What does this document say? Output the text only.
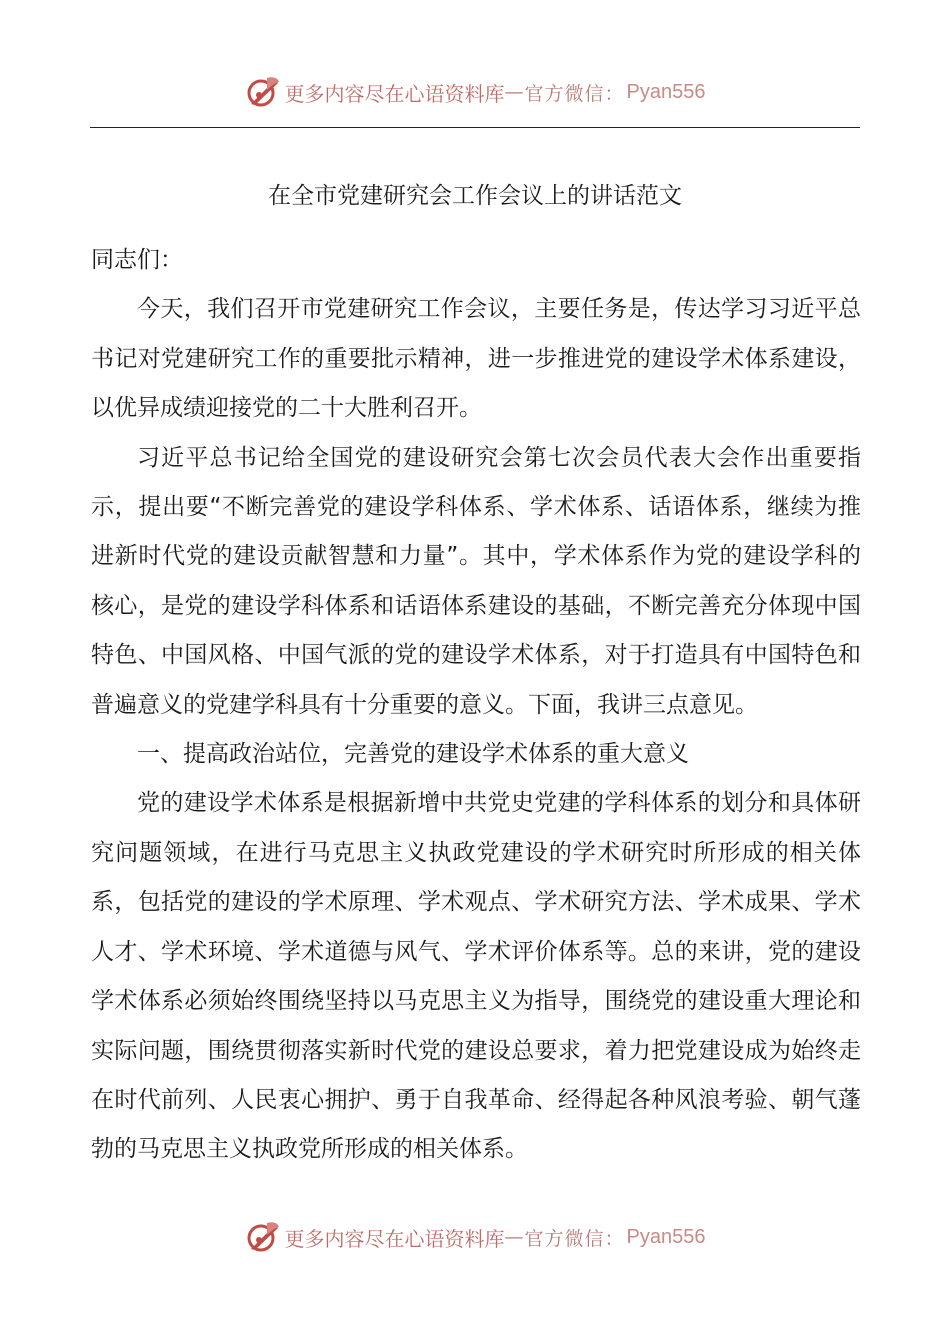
更多内容尽在心语资料库 — 官方微信： Pyan556
在全市党建研究会工作会议上的讲话范文

同志们：

今天，我们召开市党建研究工作会议，主要任务是，传达学习习近平总书记对党建研究工作的重要批示精神，进一步推进党的建设学术体系建设，以优异成绩迎接党的二十大胜利召开。

习近平总书记给全国党的建设研究会第七次会员代表大会作出重要指示，提出要“不断完善党的建设学科体系、学术体系、话语体系，继续为推进新时代党的建设贡献智慧和力量”。其中，学术体系作为党的建设学科的核心，是党的建设学科体系和话语体系建设的基础，不断完善充分体现中国特色、中国风格、中国气派的党的建设学术体系，对于打造具有中国特色和普遍意义的党建学科具有十分重要的意义。下面，我讲三点意见。

一、提高政治站位，完善党的建设学术体系的重大意义

党的建设学术体系是根据新增中共党史党建的学科体系的划分和具体研究问题领域，在进行马克思主义执政党建设的学术研究时所形成的相关体系，包括党的建设的学术原理、学术观点、学术研究方法、学术成果、学术人才、学术环境、学术道德与风气、学术评价体系等。总的来讲，党的建设学术体系必须始终围绕坚持以马克思主义为指导，围绕党的建设重大理论和实际问题，围绕贯彻落实新时代党的建设总要求，着力把党建设成为始终走在时代前列、人民衷心拥护、勇于自我革命、经得起各种风浪考验、朝气蓬勃的马克思主义执政党所形成的相关体系。

更多内容尽在心语资料库 — 官方微信： Pyan556
